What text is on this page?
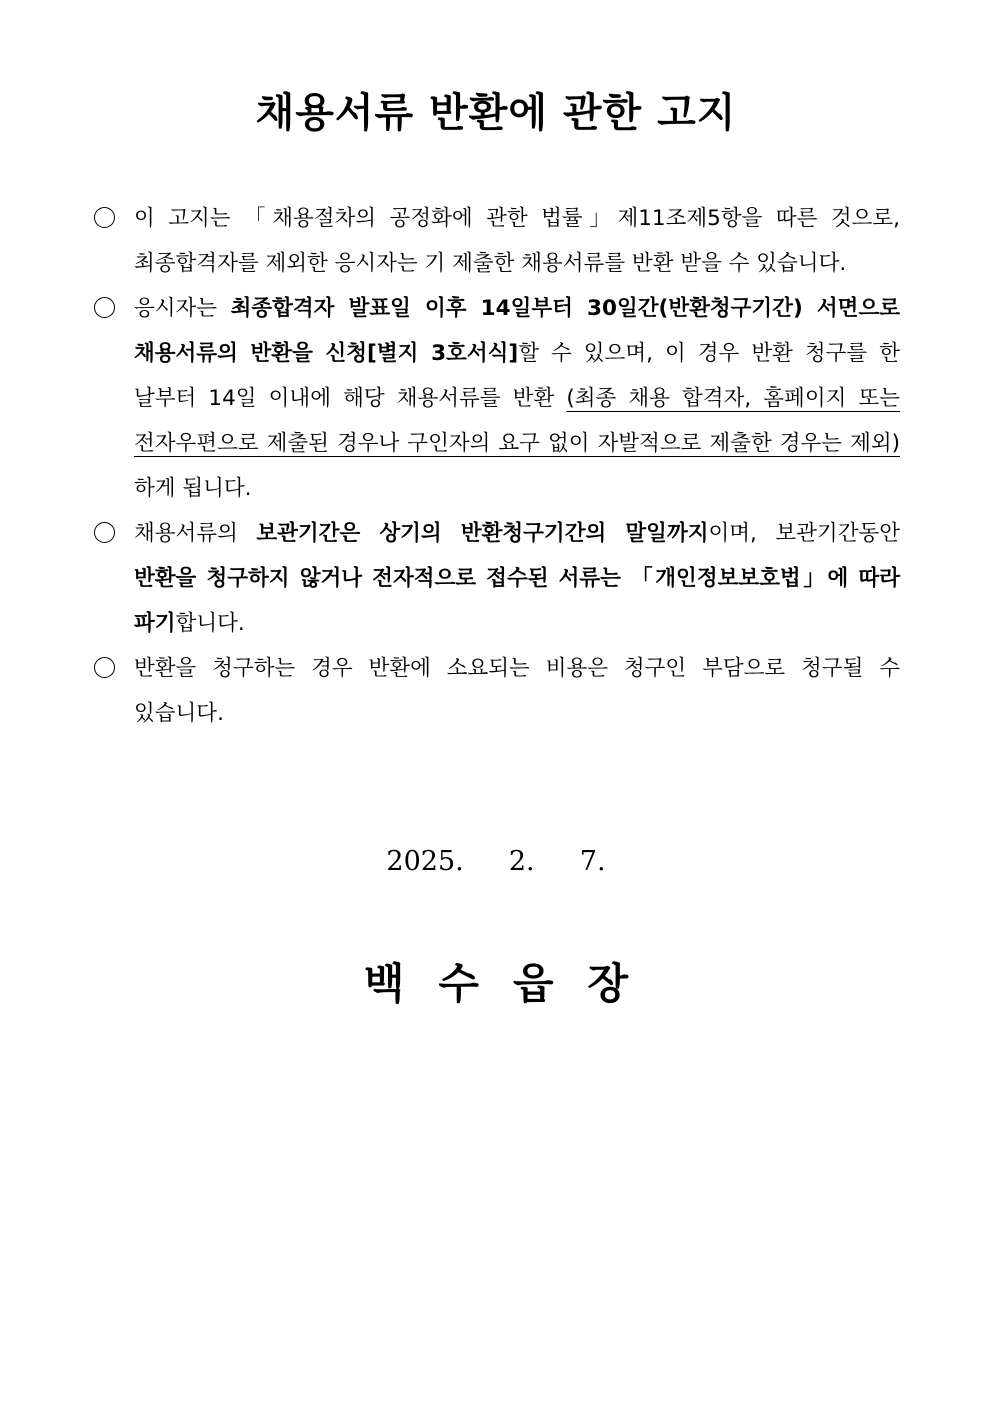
채용서류 반환에 관한 고지
이 고지는 「채용절차의 공정화에 관한 법률」제11조제5항을 따른 것으로, 최종합격자를 제외한 응시자는 기 제출한 채용서류를 반환 받을 수 있습니다.
응시자는 최종합격자 발표일 이후 14일부터 30일간(반환청구기간) 서면으로 채용서류의 반환을 신청[별지 3호서식]할 수 있으며, 이 경우 반환 청구를 한 날부터 14일 이내에 해당 채용서류를 반환 (최종 채용 합격자, 홈페이지 또는 전자우편으로 제출된 경우나 구인자의 요구 없이 자발적으로 제출한 경우는 제외)하게 됩니다.
채용서류의 보관기간은 상기의 반환청구기간의 말일까지이며, 보관기간동안 반환을 청구하지 않거나 전자적으로 접수된 서류는 「개인정보보호법」에 따라 파기합니다.
반환을 청구하는 경우 반환에 소요되는 비용은 청구인 부담으로 청구될 수 있습니다.
2025.  2.  7.
백수읍장
